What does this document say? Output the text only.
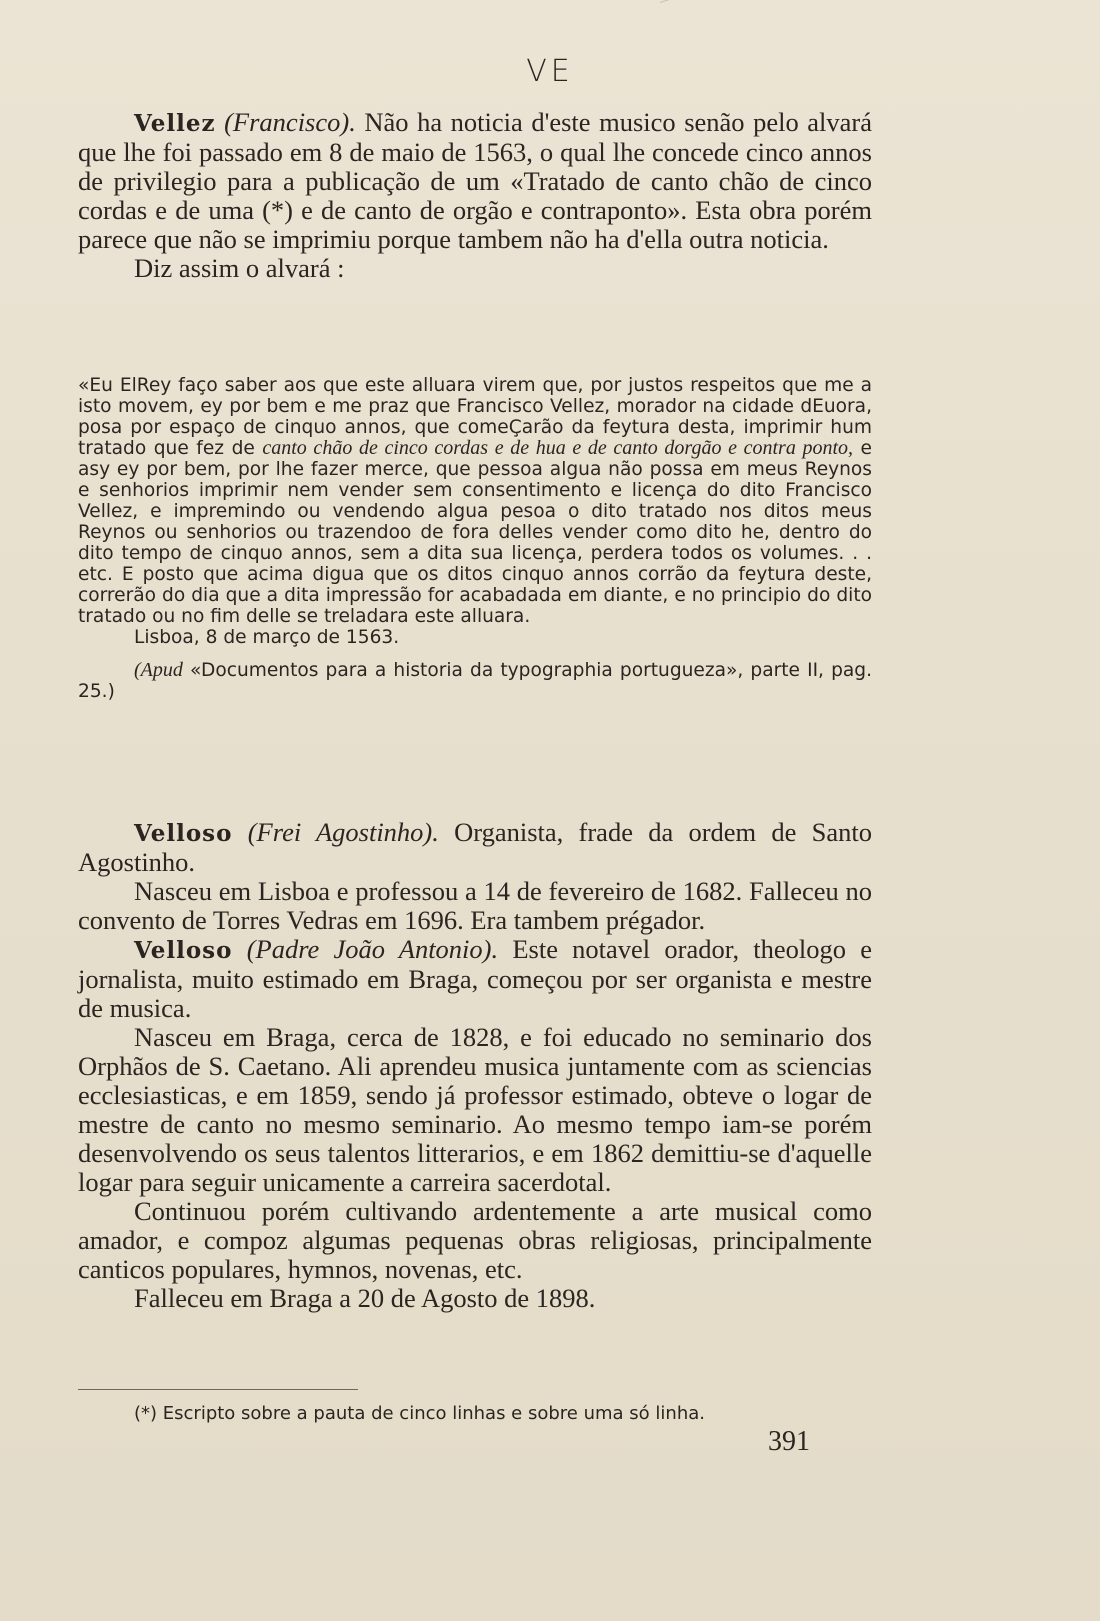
VE

Vellez (Francisco). Não ha noticia d'este musico senão pelo alvará que lhe foi passado em 8 de maio de 1563, o qual lhe concede cinco annos de privilegio para a publicação de um «Tratado de canto chão de cinco cordas e de uma (*) e de canto de orgão e contraponto». Esta obra porém parece que não se imprimiu porque tambem não ha d'ella outra noticia.

Diz assim o alvará :

«Eu ElRey faço saber aos que este alluara virem que, por justos respeitos que me a isto movem, ey por bem e me praz que Francisco Vellez, morador na cidade dEuora, posa por espaço de cinquo annos, que comeÇarão da feytura desta, imprimir hum tratado que fez de canto chão de cinco cordas e de hua e de canto dorgão e contra ponto, e asy ey por bem, por lhe fazer merce, que pessoa algua não possa em meus Reynos e senhorios imprimir nem vender sem consentimento e licença do dito Francisco Vellez, e impremindo ou vendendo algua pesoa o dito tratado nos ditos meus Reynos ou senhorios ou trazendoo de fora delles vender como dito he, dentro do dito tempo de cinquo annos, sem a dita sua licença, perdera todos os volumes. . . etc. E posto que acima digua que os ditos cinquo annos corrão da feytura deste, correrão do dia que a dita impressão for acabadada em diante, e no principio do dito tratado ou no fim delle se treladara este alluara.

Lisboa, 8 de março de 1563.

(Apud «Documentos para a historia da typographia portugueza», parte II, pag. 25.)

Velloso (Frei Agostinho). Organista, frade da ordem de Santo Agostinho.

Nasceu em Lisboa e professou a 14 de fevereiro de 1682. Falleceu no convento de Torres Vedras em 1696. Era tambem prégador.

Velloso (Padre João Antonio). Este notavel orador, theologo e jornalista, muito estimado em Braga, começou por ser organista e mestre de musica.

Nasceu em Braga, cerca de 1828, e foi educado no seminario dos Orphãos de S. Caetano. Ali aprendeu musica juntamente com as sciencias ecclesiasticas, e em 1859, sendo já professor estimado, obteve o logar de mestre de canto no mesmo seminario. Ao mesmo tempo iam-se porém desenvolvendo os seus talentos litterarios, e em 1862 demittiu-se d'aquelle logar para seguir unicamente a carreira sacerdotal.

Continuou porém cultivando ardentemente a arte musical como amador, e compoz algumas pequenas obras religiosas, principalmente canticos populares, hymnos, novenas, etc.

Falleceu em Braga a 20 de Agosto de 1898.

(*) Escripto sobre a pauta de cinco linhas e sobre uma só linha.
391
